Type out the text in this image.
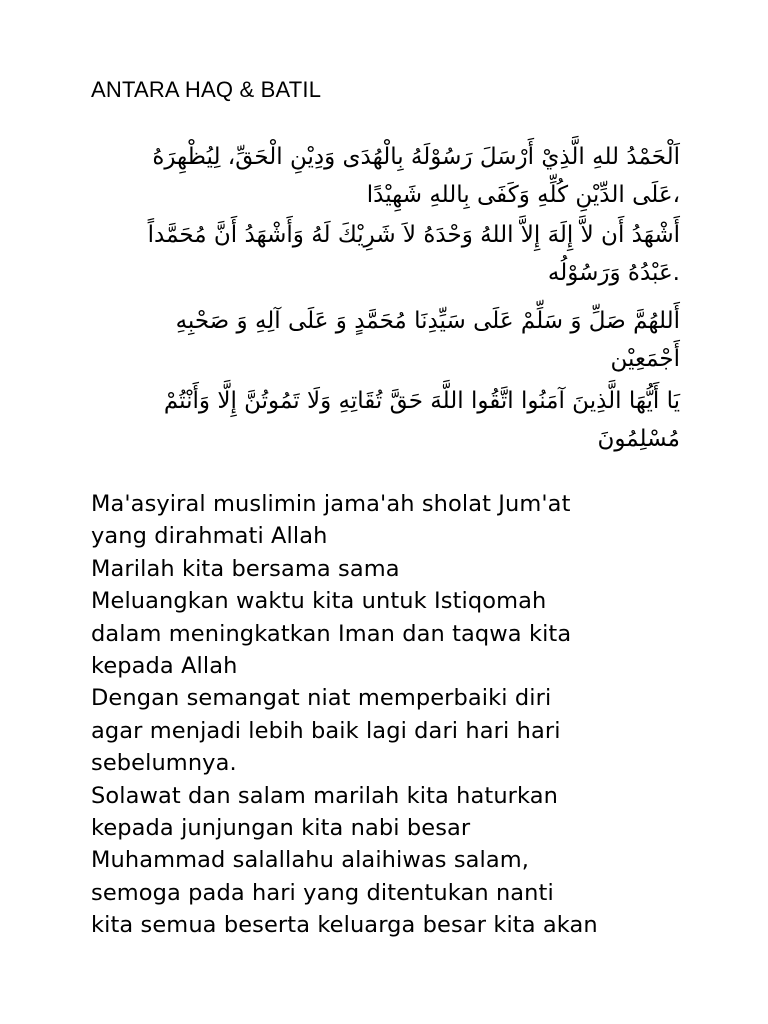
ANTARA HAQ & BATIL
اَلْحَمْدُ للهِ الَّذِيْ أَرْسَلَ رَسُوْلَهُ بِالْهُدَى وَدِيْنِ الْحَقِّ، لِيُظْهِرَهُ
،عَلَى الدِّيْنِ كُلِّهِ وَكَفَى بِاللهِ شَهِيْدًا
أَشْهَدُ أَن لاَّ إِلَهَ إِلاَّ اللهُ وَحْدَهُ لاَ شَرِيْكَ لَهُ وَأَشْهَدُ أَنَّ مُحَمَّداً
.عَبْدُهُ وَرَسُوْلُه
أَللهُمَّ صَلِّ وَ سَلِّمْ عَلَى سَيِّدِنَا مُحَمَّدٍ وَ عَلَى آلِهِ وَ صَحْبِهِ
أَجْمَعِيْن
يَا أَيُّهَا الَّذِينَ آمَنُوا اتَّقُوا اللَّهَ حَقَّ تُقَاتِهِ وَلَا تَمُوتُنَّ إِلَّا وَأَنْتُمْ
مُسْلِمُونَ
Ma'asyiral muslimin jama'ah sholat Jum'at
yang dirahmati Allah
Marilah kita bersama sama
Meluangkan waktu kita untuk Istiqomah
dalam meningkatkan Iman dan taqwa kita
kepada Allah
Dengan semangat niat memperbaiki diri
agar menjadi lebih baik lagi dari hari hari
sebelumnya.
Solawat dan salam marilah kita haturkan
kepada junjungan kita nabi besar
Muhammad salallahu alaihiwas salam,
semoga pada hari yang ditentukan nanti
kita semua beserta keluarga besar kita akan
